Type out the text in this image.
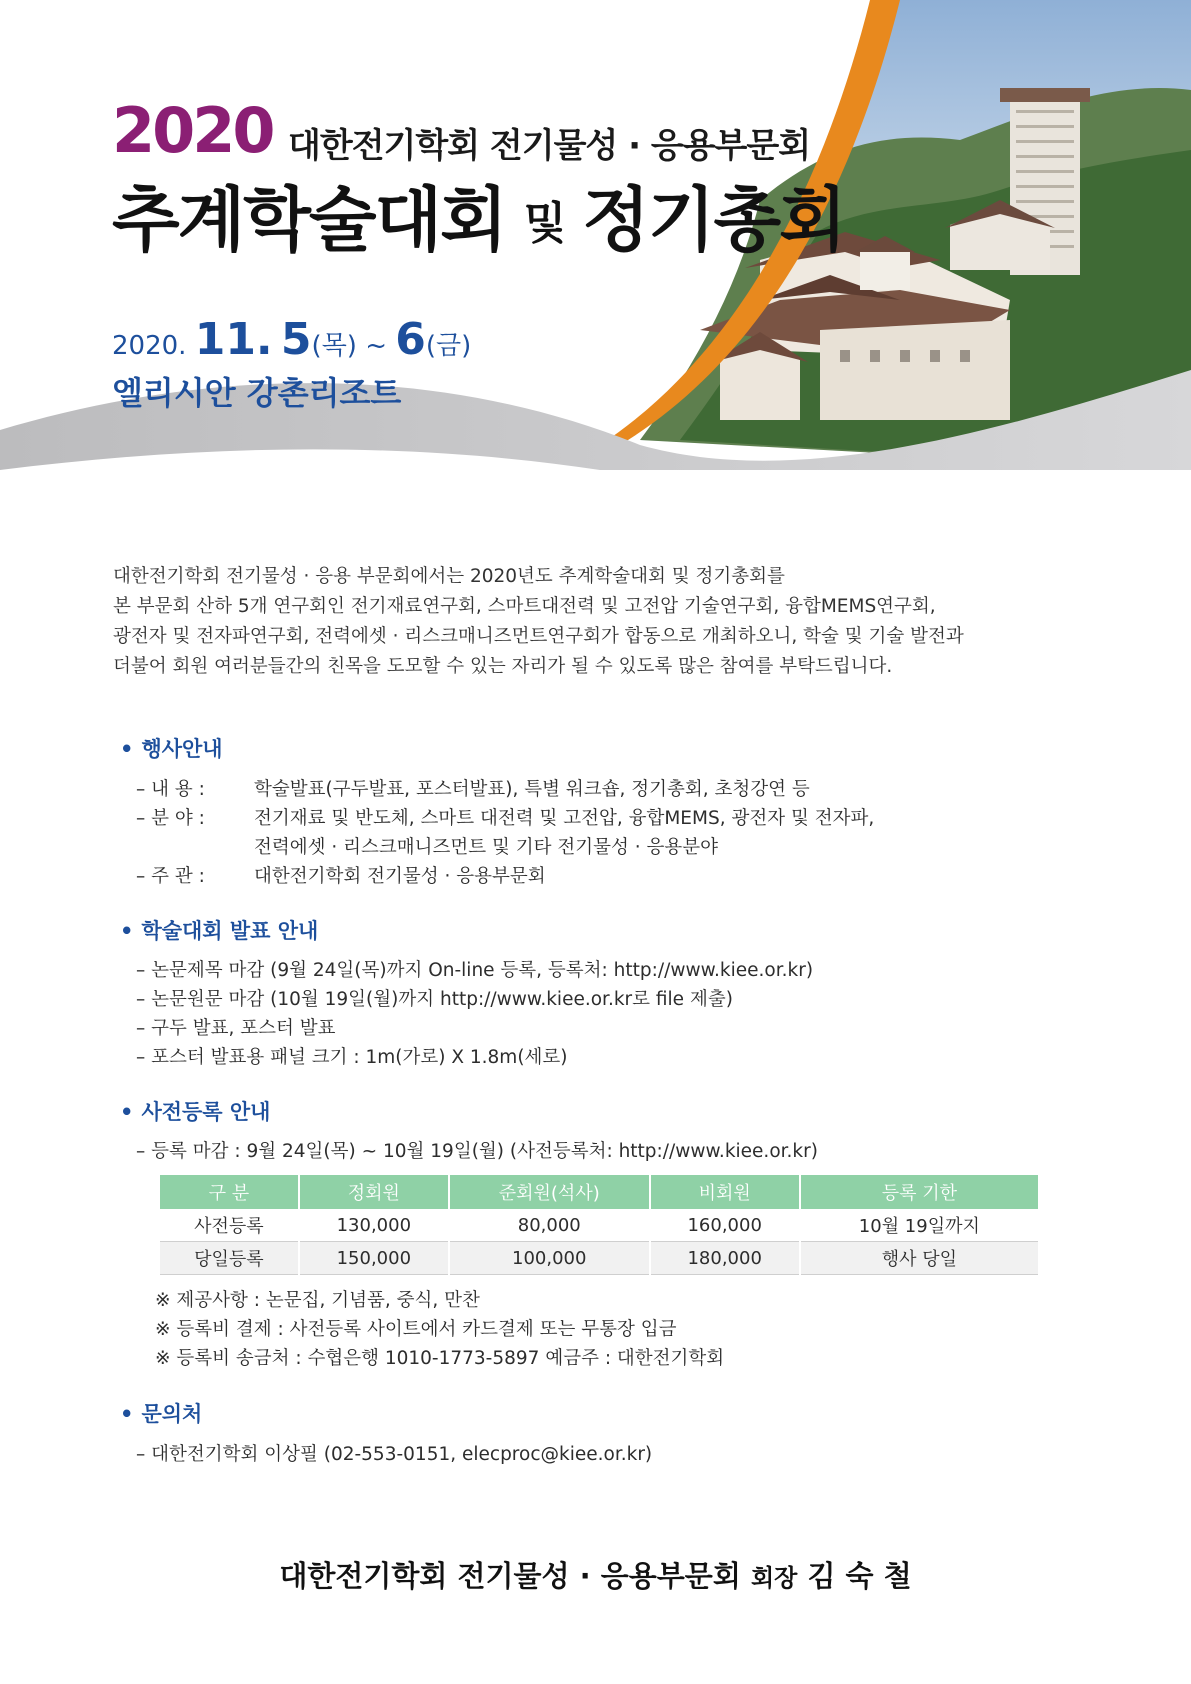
2020 대한전기학회 전기물성 · 응용부문회
추계학술대회 및 정기총회
2020. 11. 5(목) ~ 6(금)
엘리시안 강촌리조트
대한전기학회 전기물성 · 응용 부문회에서는 2020년도 추계학술대회 및 정기총회를
본 부문회 산하 5개 연구회인 전기재료연구회, 스마트대전력 및 고전압 기술연구회, 융합MEMS연구회,
광전자 및 전자파연구회, 전력에셋 · 리스크매니즈먼트연구회가 합동으로 개최하오니, 학술 및 기술 발전과
더불어 회원 여러분들간의 친목을 도모할 수 있는 자리가 될 수 있도록 많은 참여를 부탁드립니다.
• 행사안내
– 내 용 :	학술발표(구두발표, 포스터발표), 특별 워크숍, 정기총회, 초청강연 등
– 분 야 :	전기재료 및 반도체, 스마트 대전력 및 고전압, 융합MEMS, 광전자 및 전자파,
전력에셋 · 리스크매니즈먼트 및 기타 전기물성 · 응용분야
– 주 관 :	대한전기학회 전기물성 · 응용부문회
• 학술대회 발표 안내
– 논문제목 마감 (9월 24일(목)까지 On-line 등록, 등록처: http://www.kiee.or.kr)
– 논문원문 마감 (10월 19일(월)까지 http://www.kiee.or.kr로 file 제출)
– 구두 발표, 포스터 발표
– 포스터 발표용 패널 크기 : 1m(가로) X 1.8m(세로)
• 사전등록 안내
– 등록 마감 : 9월 24일(목) ~ 10월 19일(월) (사전등록처: http://www.kiee.or.kr)
구 분	정회원	준회원(석사)	비회원	등록 기한
사전등록	130,000	80,000	160,000	10월 19일까지
당일등록	150,000	100,000	180,000	행사 당일
※ 제공사항 : 논문집, 기념품, 중식, 만찬
※ 등록비 결제 : 사전등록 사이트에서 카드결제 또는 무통장 입금
※ 등록비 송금처 : 수협은행 1010-1773-5897 예금주 : 대한전기학회
• 문의처
– 대한전기학회 이상필 (02-553-0151, elecproc@kiee.or.kr)
대한전기학회 전기물성 · 응용부문회 회장 김 숙 철
